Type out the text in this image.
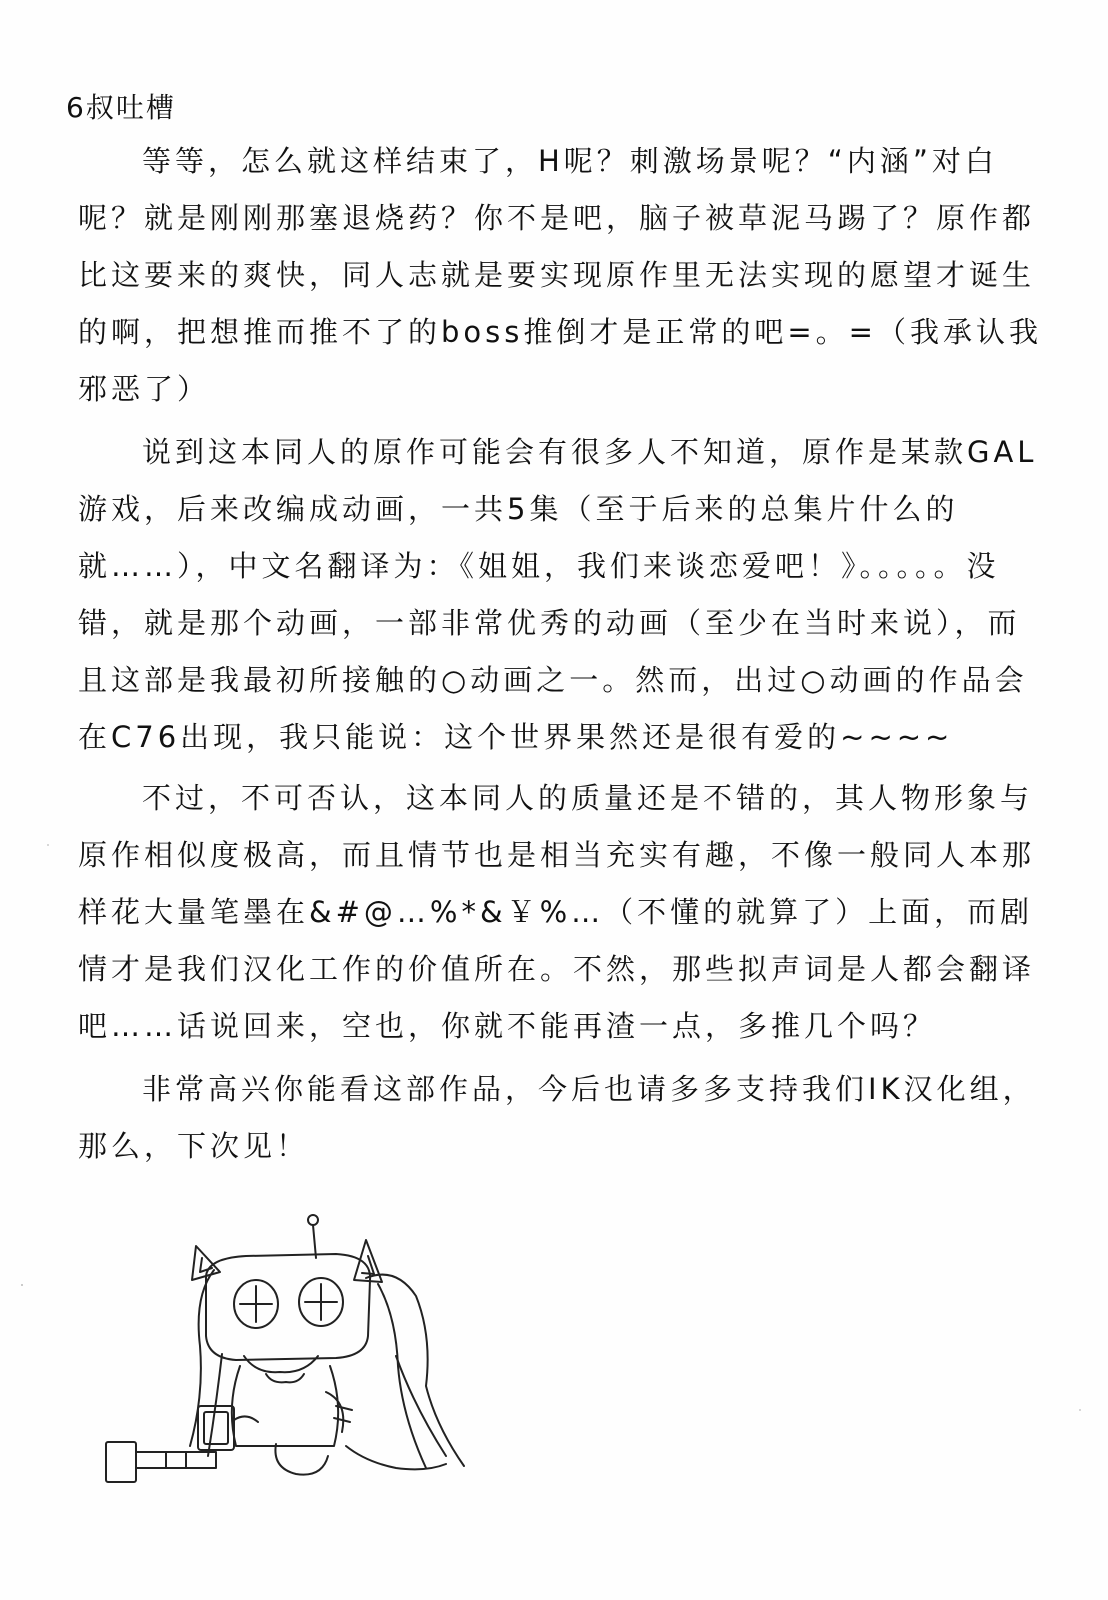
6叔吐槽

等等，怎么就这样结束了，H呢？刺激场景呢？“内涵”对白呢？就是刚刚那塞退烧药？你不是吧，脑子被草泥马踢了？原作都比这要来的爽快，同人志就是要实现原作里无法实现的愿望才诞生的啊，把想推而推不了的boss推倒才是正常的吧=。=（我承认我邪恶了）

说到这本同人的原作可能会有很多人不知道，原作是某款GAL游戏，后来改编成动画，一共5集（至于后来的总集片什么的就……），中文名翻译为：《姐姐，我们来谈恋爱吧！》。。。。。没错，就是那个动画，一部非常优秀的动画（至少在当时来说），而且这部是我最初所接触的○动画之一。然而，出过○动画的作品会在C76出现，我只能说：这个世界果然还是很有爱的~~~~

不过，不可否认，这本同人的质量还是不错的，其人物形象与原作相似度极高，而且情节也是相当充实有趣，不像一般同人本那样花大量笔墨在&#@…%*&￥%…（不懂的就算了）上面，而剧情才是我们汉化工作的价值所在。不然，那些拟声词是人都会翻译吧……话说回来，空也，你就不能再渣一点，多推几个吗？

非常高兴你能看这部作品，今后也请多多支持我们IK汉化组，那么，下次见！
